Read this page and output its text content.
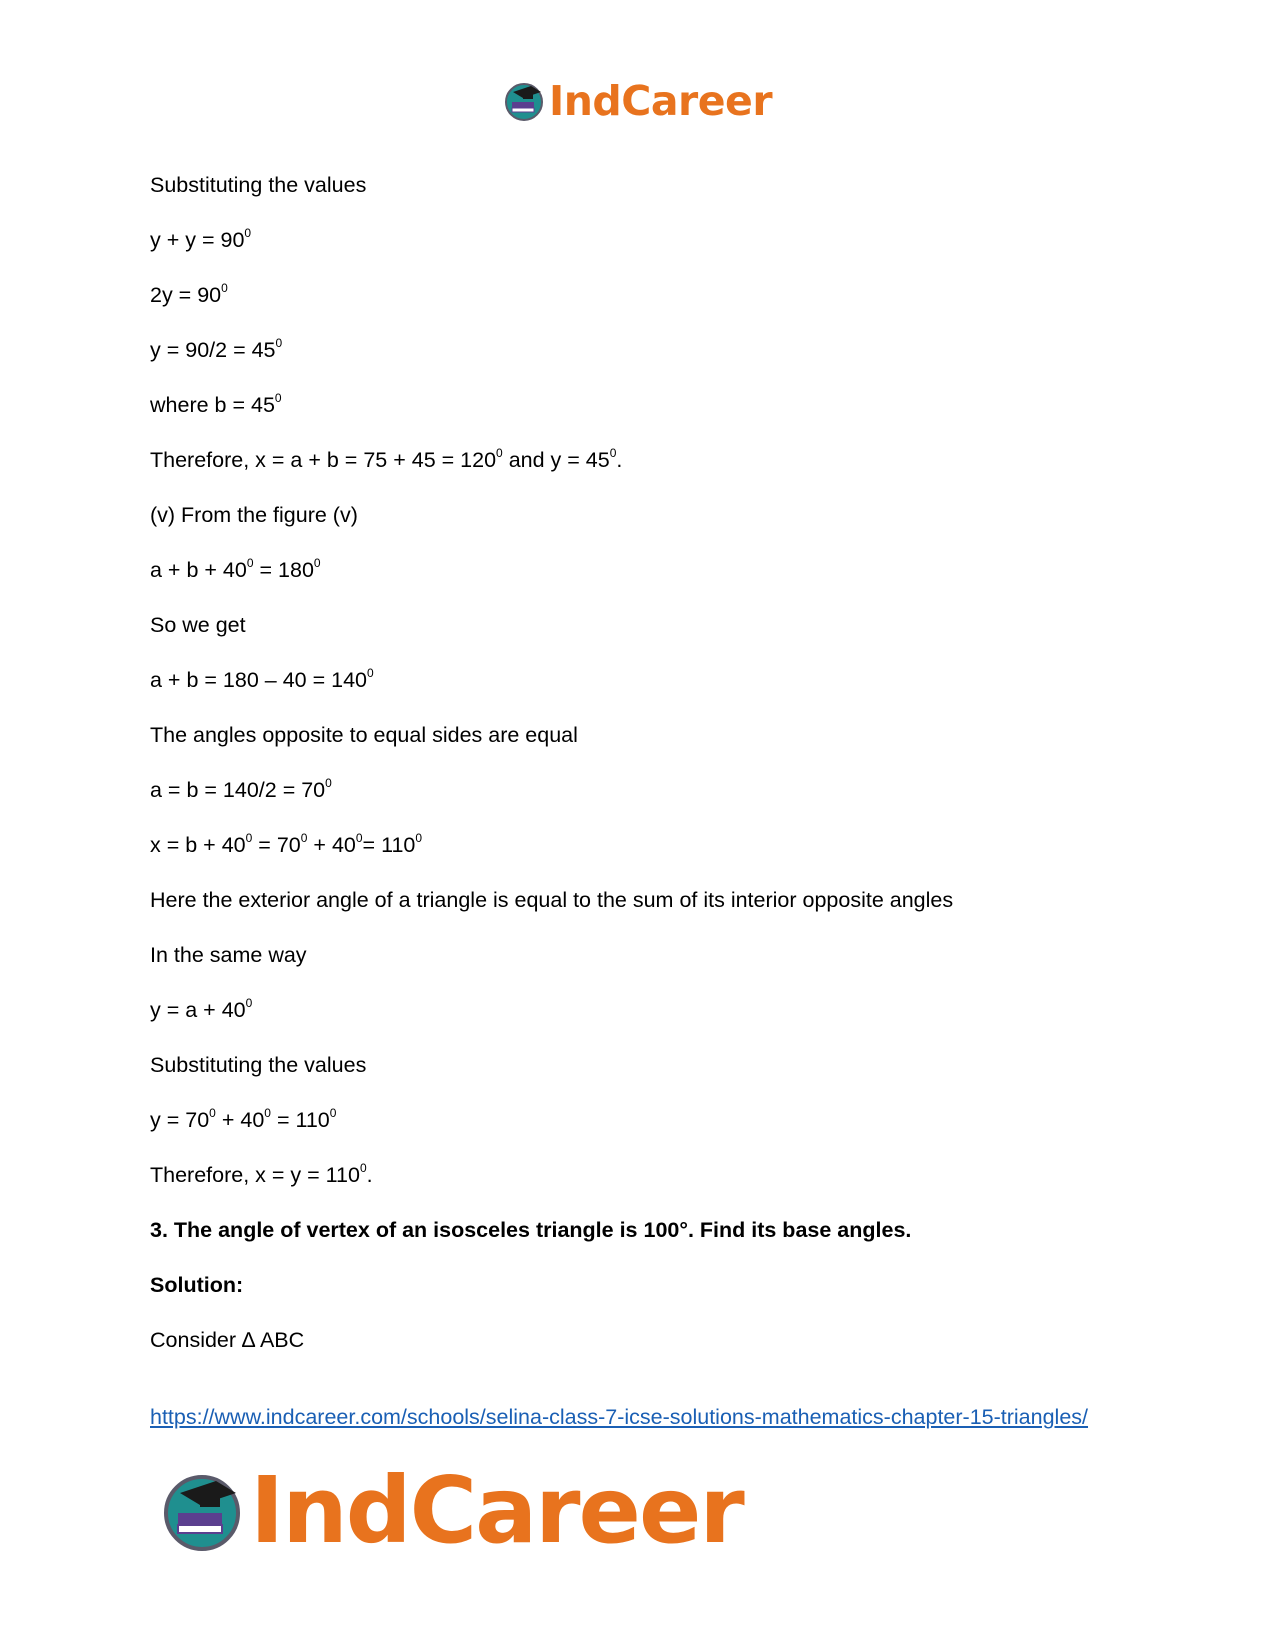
IndCareer
Substituting the values
$y + y = 90^0$
$2y = 90^0$
$y = 90/2 = 45^0$
where $b = 45^0$
Therefore, $x = a + b = 75 + 45 = 120^0$ and $y = 45^0$.
(v) From the figure (v)
$a + b + 40^0 = 180^0$
So we get
$a + b = 180 - 40 = 140^0$
The angles opposite to equal sides are equal
$a = b = 140/2 = 70^0$
$x = b + 40^0 = 70^0 + 40^0= 110^0$
Here the exterior angle of a triangle is equal to the sum of its interior opposite angles
In the same way
$y = a + 40^0$
Substituting the values
$y = 70^0 + 40^0 = 110^0$
Therefore, $x = y = 110^0$.
3. The angle of vertex of an isosceles triangle is 100°. Find its base angles.
Solution:
Consider ∆ ABC
https://www.indcareer.com/schools/selina-class-7-icse-solutions-mathematics-chapter-15-triangles/
IndCareer
